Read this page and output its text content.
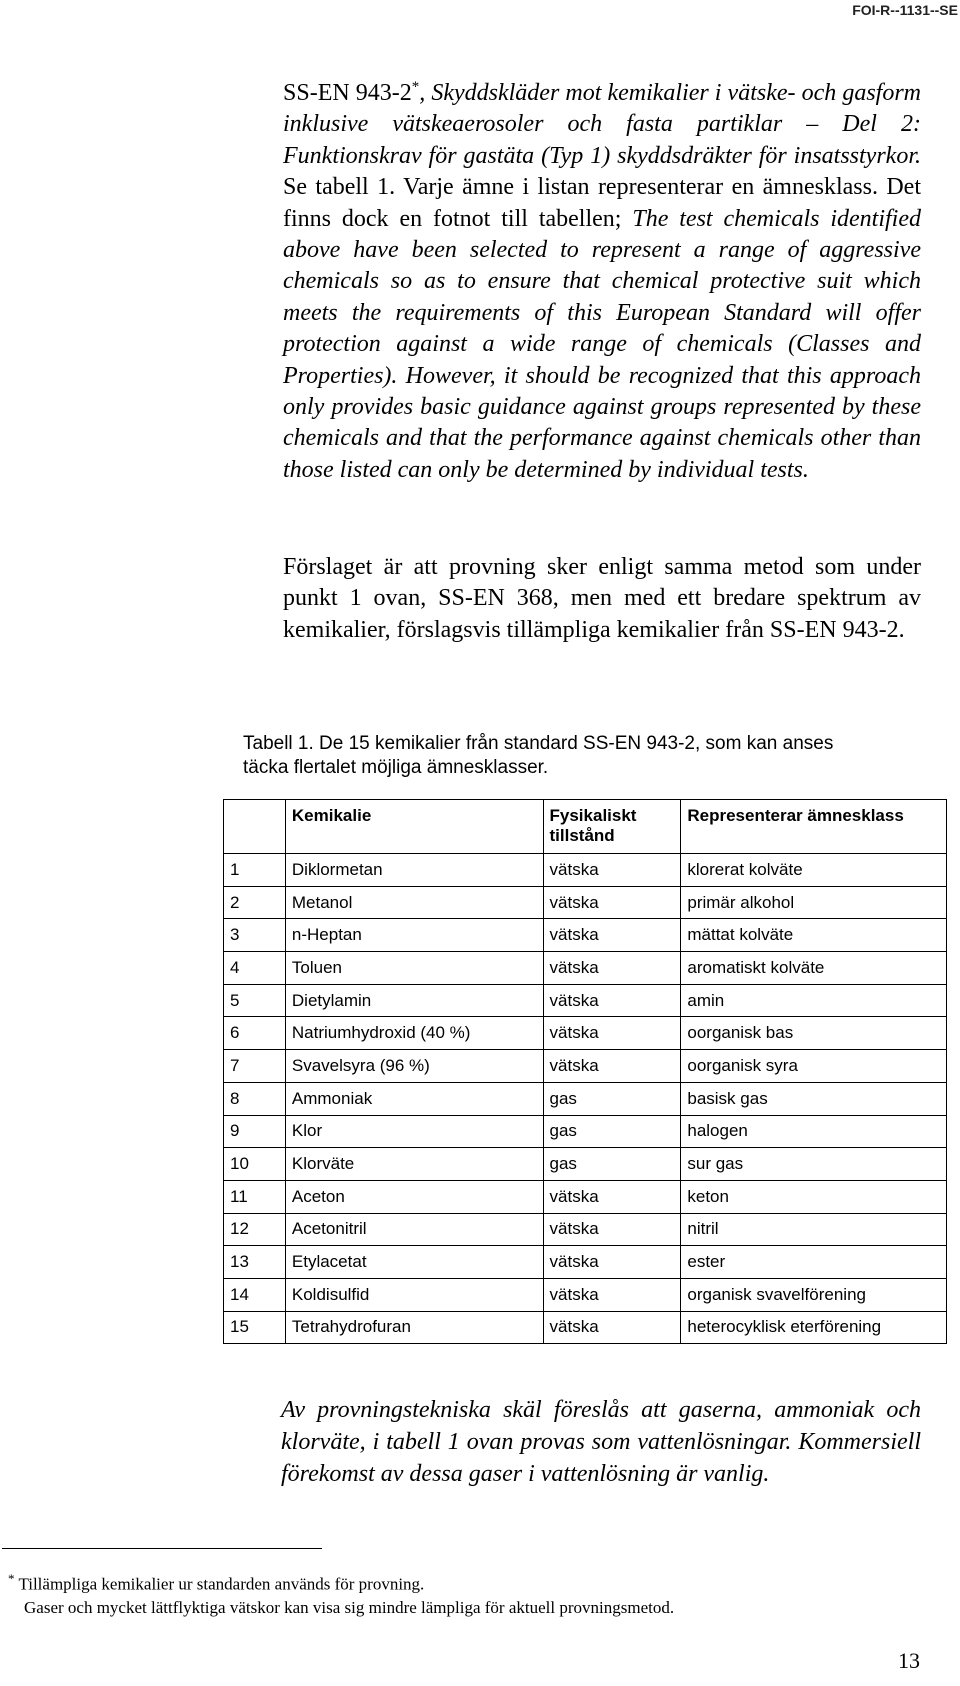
FOI-R--1131--SE

SS-EN 943-2*, Skyddskläder mot kemikalier i vätske- och gasform inklusive vätskeaerosoler och fasta partiklar – Del 2: Funktionskrav för gastäta (Typ 1) skyddsdräkter för insatsstyrkor. Se tabell 1. Varje ämne i listan representerar en ämnesklass. Det finns dock en fotnot till tabellen; The test chemicals identified above have been selected to represent a range of aggressive chemicals so as to ensure that chemical protective suit which meets the requirements of this European Standard will offer protection against a wide range of chemicals (Classes and Properties). However, it should be recognized that this approach only provides basic guidance against groups represented by these chemicals and that the performance against chemicals other than those listed can only be determined by individual tests.

Förslaget är att provning sker enligt samma metod som under punkt 1 ovan, SS-EN 368, men med ett bredare spektrum av kemikalier, förslagsvis tillämpliga kemikalier från SS-EN 943-2.

Tabell 1. De 15 kemikalier från standard SS-EN 943-2, som kan anses täcka flertalet möjliga ämnesklasser.

	Kemikalie	Fysikaliskt tillstånd	Representerar ämnesklass
1	Diklormetan	vätska	klorerat kolväte
2	Metanol	vätska	primär alkohol
3	n-Heptan	vätska	mättat kolväte
4	Toluen	vätska	aromatiskt kolväte
5	Dietylamin	vätska	amin
6	Natriumhydroxid (40 %)	vätska	oorganisk bas
7	Svavelsyra (96 %)	vätska	oorganisk syra
8	Ammoniak	gas	basisk gas
9	Klor	gas	halogen
10	Klorväte	gas	sur gas
11	Aceton	vätska	keton
12	Acetonitril	vätska	nitril
13	Etylacetat	vätska	ester
14	Koldisulfid	vätska	organisk svavelförening
15	Tetrahydrofuran	vätska	heterocyklisk eterförening

Av provningstekniska skäl föreslås att gaserna, ammoniak och klorväte, i tabell 1 ovan provas som vattenlösningar. Kommersiell förekomst av dessa gaser i vattenlösning är vanlig.

* Tillämpliga kemikalier ur standarden används för provning.

Gaser och mycket lättflyktiga vätskor kan visa sig mindre lämpliga för aktuell provningsmetod.

13
